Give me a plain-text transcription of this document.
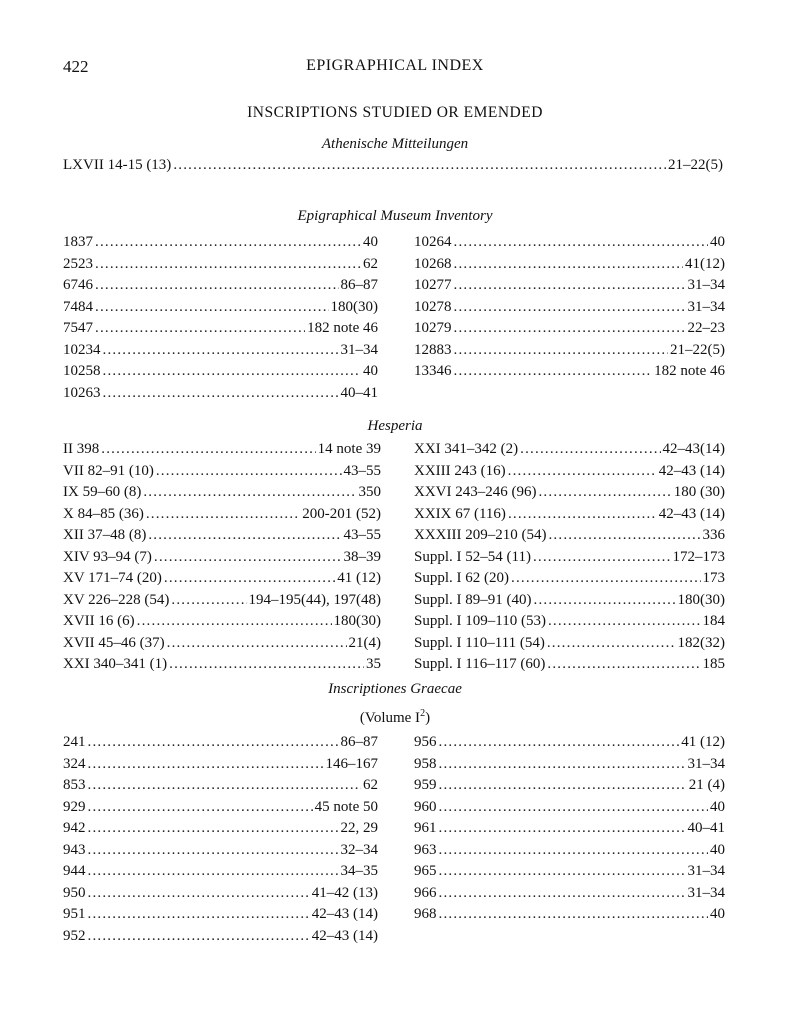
422	EPIGRAPHICAL INDEX
INSCRIPTIONS STUDIED OR EMENDED
Athenische Mitteilungen
LXVII 14-15 (13) .....	21–22(5)
Epigraphical Museum Inventory
1837 .....	40
2523 .....	62
6746 .....	86–87
7484 .....	180(30)
7547 .....	182 note 46
10234 .....	31–34
10258 .....	40
10263 .....	40–41
10264 .....	40
10268 .....	41(12)
10277 .....	31–34
10278 .....	31–34
10279 .....	22–23
12883 .....	21–22(5)
13346 .....	182 note 46
Hesperia
II 398 .....	14 note 39
VII 82–91 (10) .....	43–55
IX 59–60 (8) .....	350
X 84–85 (36) .....	200-201 (52)
XII 37–48 (8) .....	43–55
XIV 93–94 (7) .....	38–39
XV 171–74 (20) .....	41 (12)
XV 226–228 (54) .....	194–195(44), 197(48)
XVII 16 (6) .....	180(30)
XVII 45–46 (37) .....	21(4)
XXI 340–341 (1) .....	35
XXI 341–342 (2) .....	42–43(14)
XXIII 243 (16) .....	42–43 (14)
XXVI 243–246 (96) .....	180 (30)
XXIX 67 (116) .....	42–43 (14)
XXXIII 209–210 (54) .....	336
Suppl. I 52–54 (11) .....	172–173
Suppl. I 62 (20) .....	173
Suppl. I 89–91 (40) .....	180(30)
Suppl. I 109–110 (53) .....	184
Suppl. I 110–111 (54) .....	182(32)
Suppl. I 116–117 (60) .....	185
Inscriptiones Graecae
(Volume $I^2$)
241 .....	86–87
324 .....	146–167
853 .....	62
929 .....	45 note 50
942 .....	22, 29
943 .....	32–34
944 .....	34–35
950 .....	41–42 (13)
951 .....	42–43 (14)
952 .....	42–43 (14)
956 .....	41 (12)
958 .....	31–34
959 .....	21 (4)
960 .....	40
961 .....	40–41
963 .....	40
965 .....	31–34
966 .....	31–34
968 .....	40
